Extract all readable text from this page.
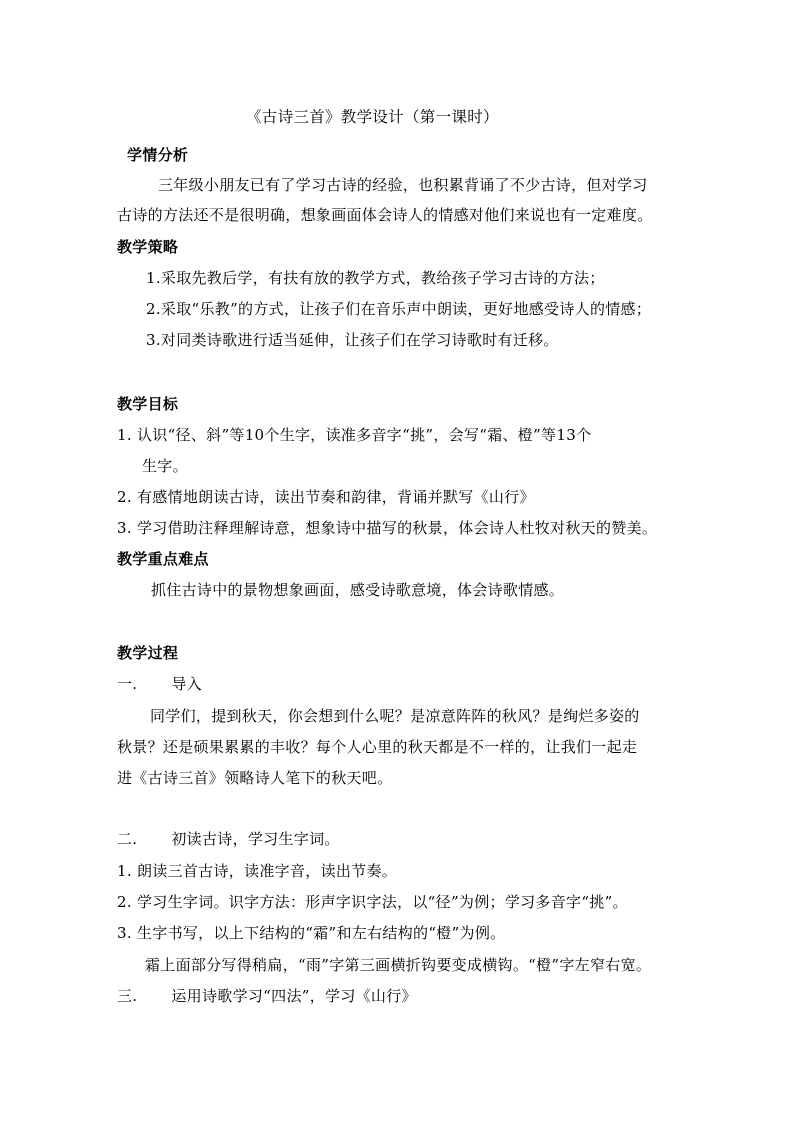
《古诗三首》教学设计（第一课时）
学情分析
三年级小朋友已有了学习古诗的经验，也积累背诵了不少古诗，但对学习
古诗的方法还不是很明确，想象画面体会诗人的情感对他们来说也有一定难度。
教学策略
1.采取先教后学，有扶有放的教学方式，教给孩子学习古诗的方法；
2.采取“乐教”的方式，让孩子们在音乐声中朗读，更好地感受诗人的情感；
3.对同类诗歌进行适当延伸，让孩子们在学习诗歌时有迁移。
教学目标
1. 认识“径、斜”等10个生字，读准多音字“挑”，会写“霜、橙”等13个
生字。
2. 有感情地朗读古诗，读出节奏和韵律，背诵并默写《山行》
3. 学习借助注释理解诗意，想象诗中描写的秋景，体会诗人杜牧对秋天的赞美。
教学重点难点
抓住古诗中的景物想象画面，感受诗歌意境，体会诗歌情感。
教学过程
一. 导入
同学们，提到秋天，你会想到什么呢？是凉意阵阵的秋风？是绚烂多姿的
秋景？还是硕果累累的丰收？每个人心里的秋天都是不一样的，让我们一起走
进《古诗三首》领略诗人笔下的秋天吧。
二. 初读古诗，学习生字词。
1. 朗读三首古诗，读准字音，读出节奏。
2. 学习生字词。识字方法：形声字识字法，以“径”为例；学习多音字“挑”。
3. 生字书写，以上下结构的“霜”和左右结构的“橙”为例。
霜上面部分写得稍扁，“雨”字第三画横折钩要变成横钩。“橙”字左窄右宽。
三. 运用诗歌学习“四法”，学习《山行》
